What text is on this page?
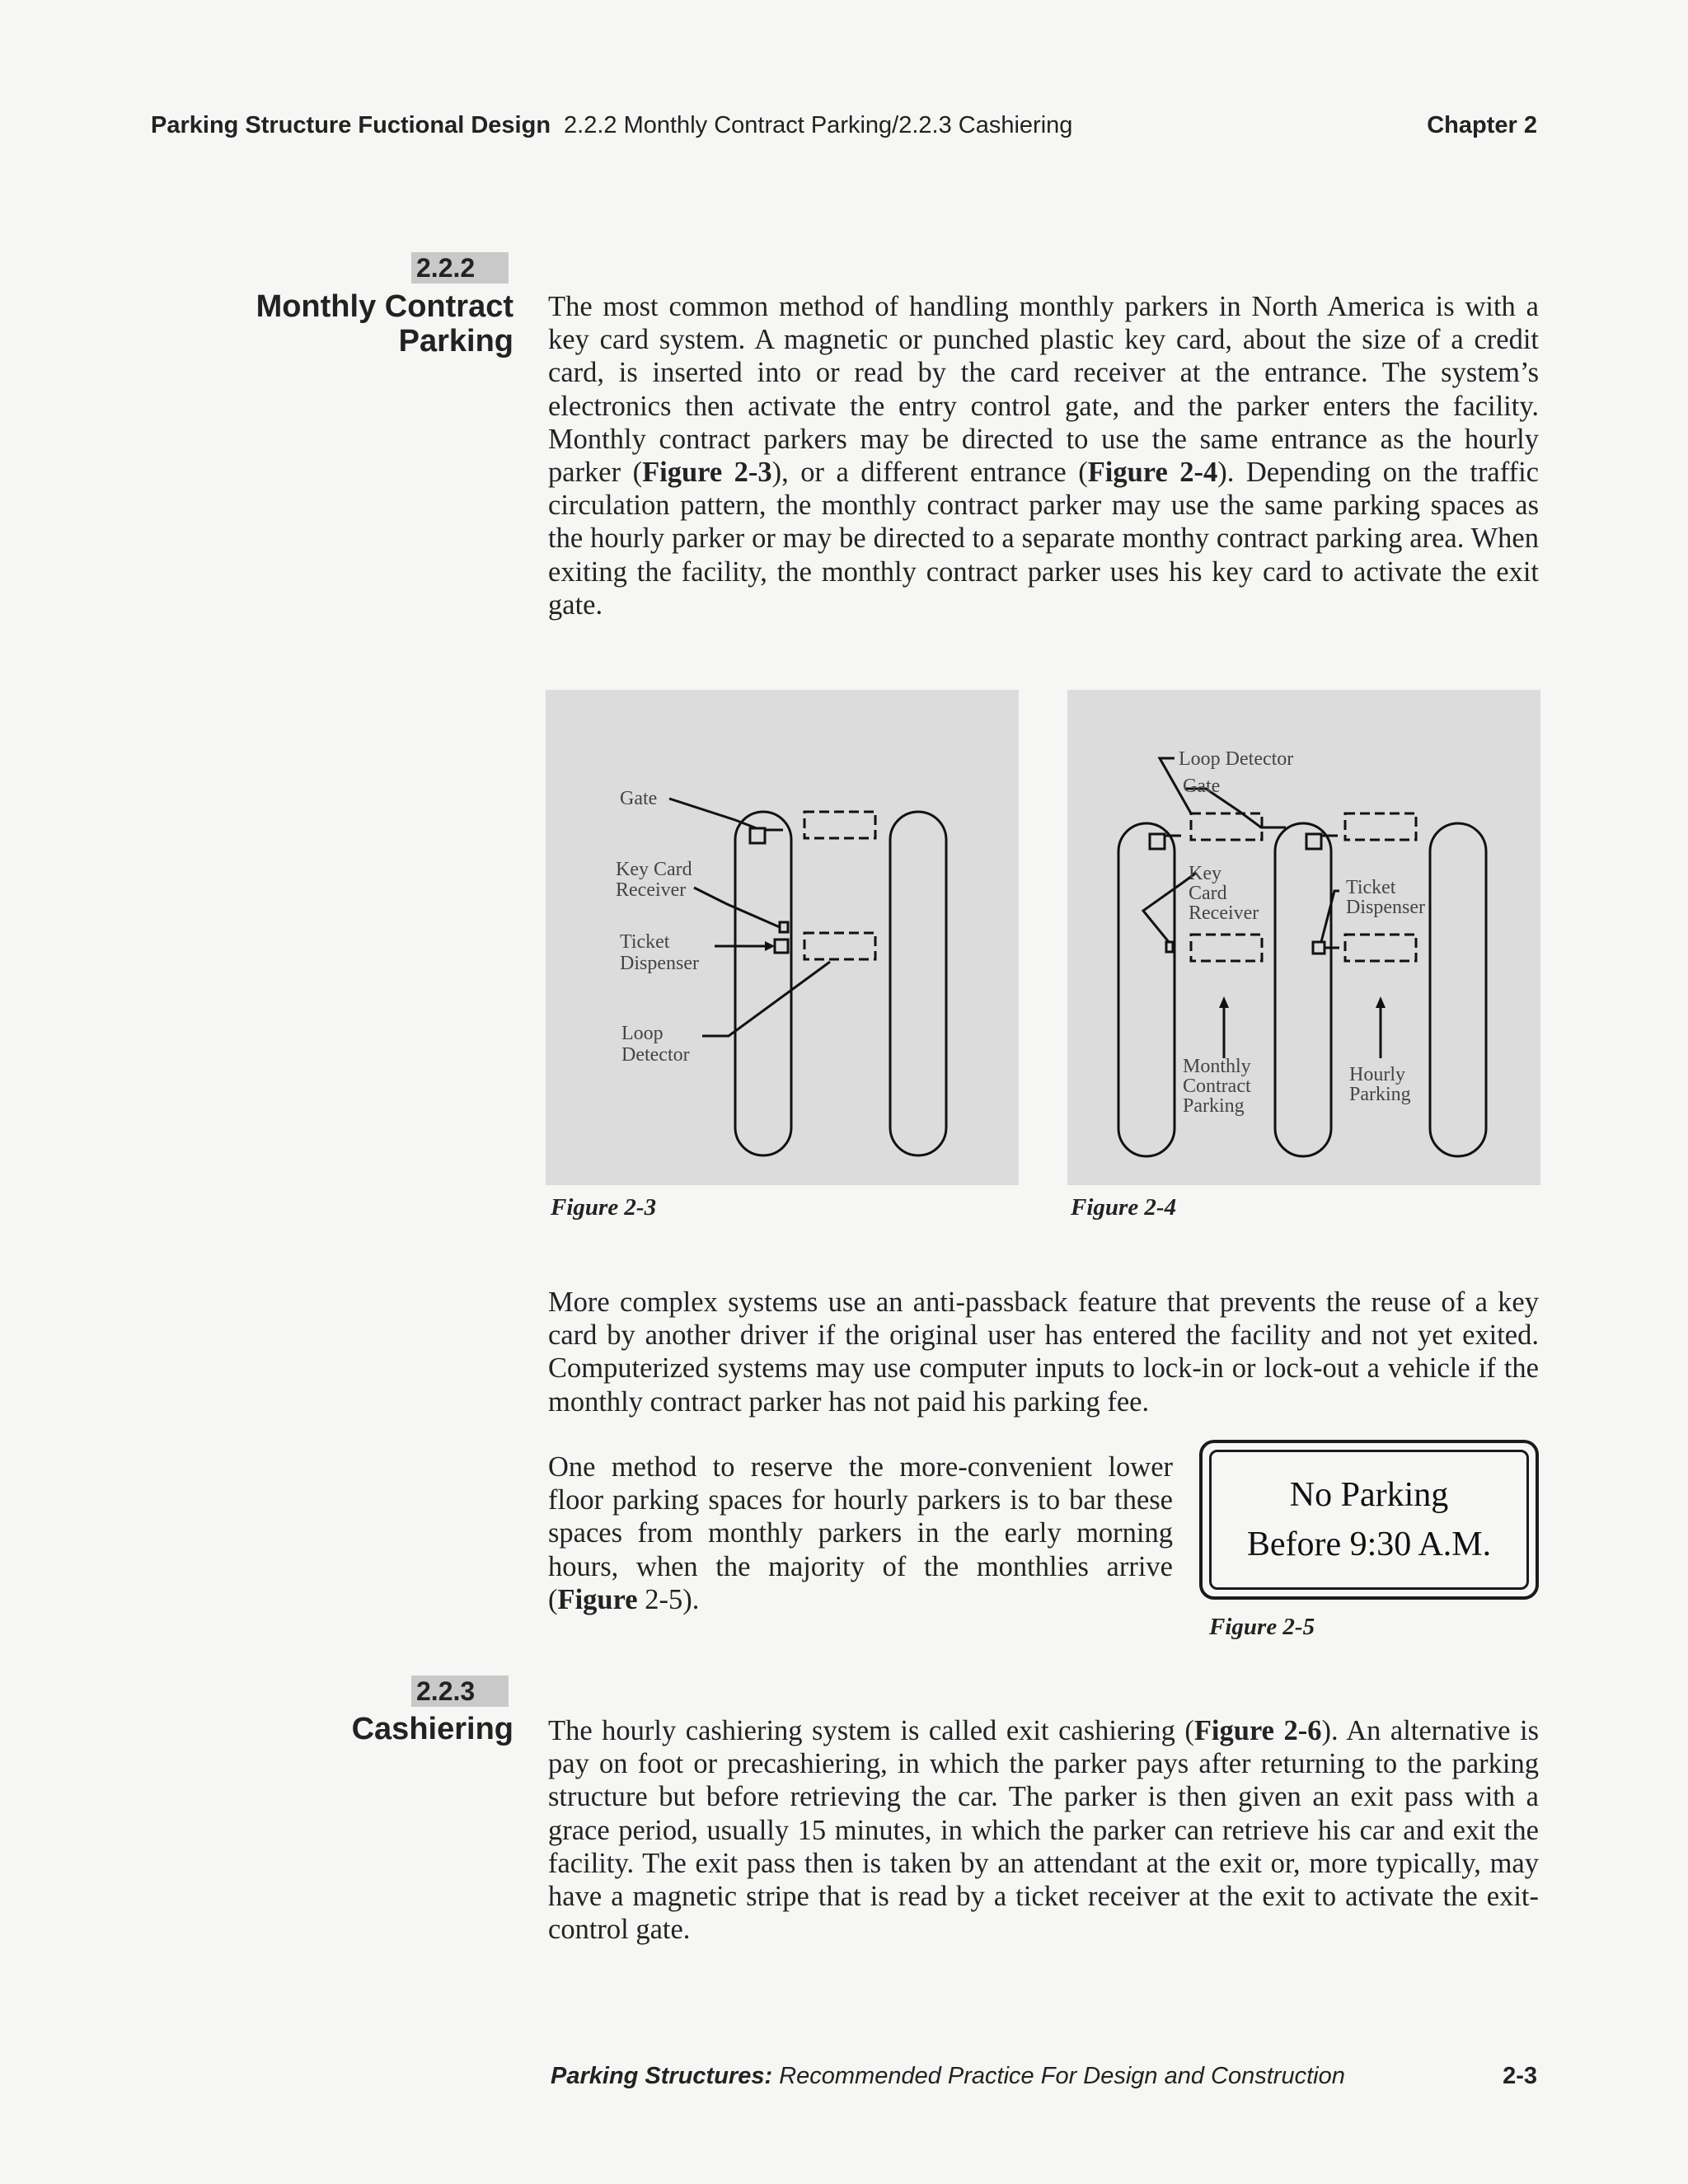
Parking Structure Fuctional Design 2.2.2 Monthly Contract Parking/2.2.3 Cashiering	Chapter 2
2.2.2
Monthly Contract
Parking

The most common method of handling monthly parkers in North America is with a key card system. A magnetic or punched plastic key card, about the size of a credit card, is inserted into or read by the card receiver at the entrance. The system’s electronics then activate the entry control gate, and the parker enters the facility. Monthly contract parkers may be directed to use the same entrance as the hourly parker (Figure 2-3), or a different entrance (Figure 2-4). Depending on the traffic circulation pattern, the monthly contract parker may use the same parking spaces as the hourly parker or may be directed to a separate monthy contract parking area. When exiting the facility, the monthly contract parker uses his key card to activate the exit gate.

Gate
Key Card
Receiver
Ticket
Dispenser
Loop
Detector
Figure 2-3
Loop Detector
Gate
Key
Card
Receiver
Ticket
Dispenser
Monthly
Contract
Parking
Hourly
Parking
Figure 2-4

More complex systems use an anti-passback feature that prevents the reuse of a key card by another driver if the original user has entered the facility and not yet exited. Computerized systems may use computer inputs to lock-in or lock-out a vehicle if the monthly contract parker has not paid his parking fee.

One method to reserve the more-convenient lower floor parking spaces for hourly parkers is to bar these spaces from monthly parkers in the early morning hours, when the majority of the monthlies arrive (Figure 2-5).

No Parking
Before 9:30 A.M.
Figure 2-5
2.2.3
Cashiering The hourly cashiering system is called exit cashiering (Figure 2-6). An alternative is pay on foot or precashiering, in which the parker pays after returning to the parking structure but before retrieving the car. The parker is then given an exit pass with a grace period, usually 15 minutes, in which the parker can retrieve his car and exit the facility. The exit pass then is taken by an attendant at the exit or, more typically, may have a magnetic stripe that is read by a ticket receiver at the exit to activate the exit-control gate.

Parking Structures: Recommended Practice For Design and Construction	2-3
